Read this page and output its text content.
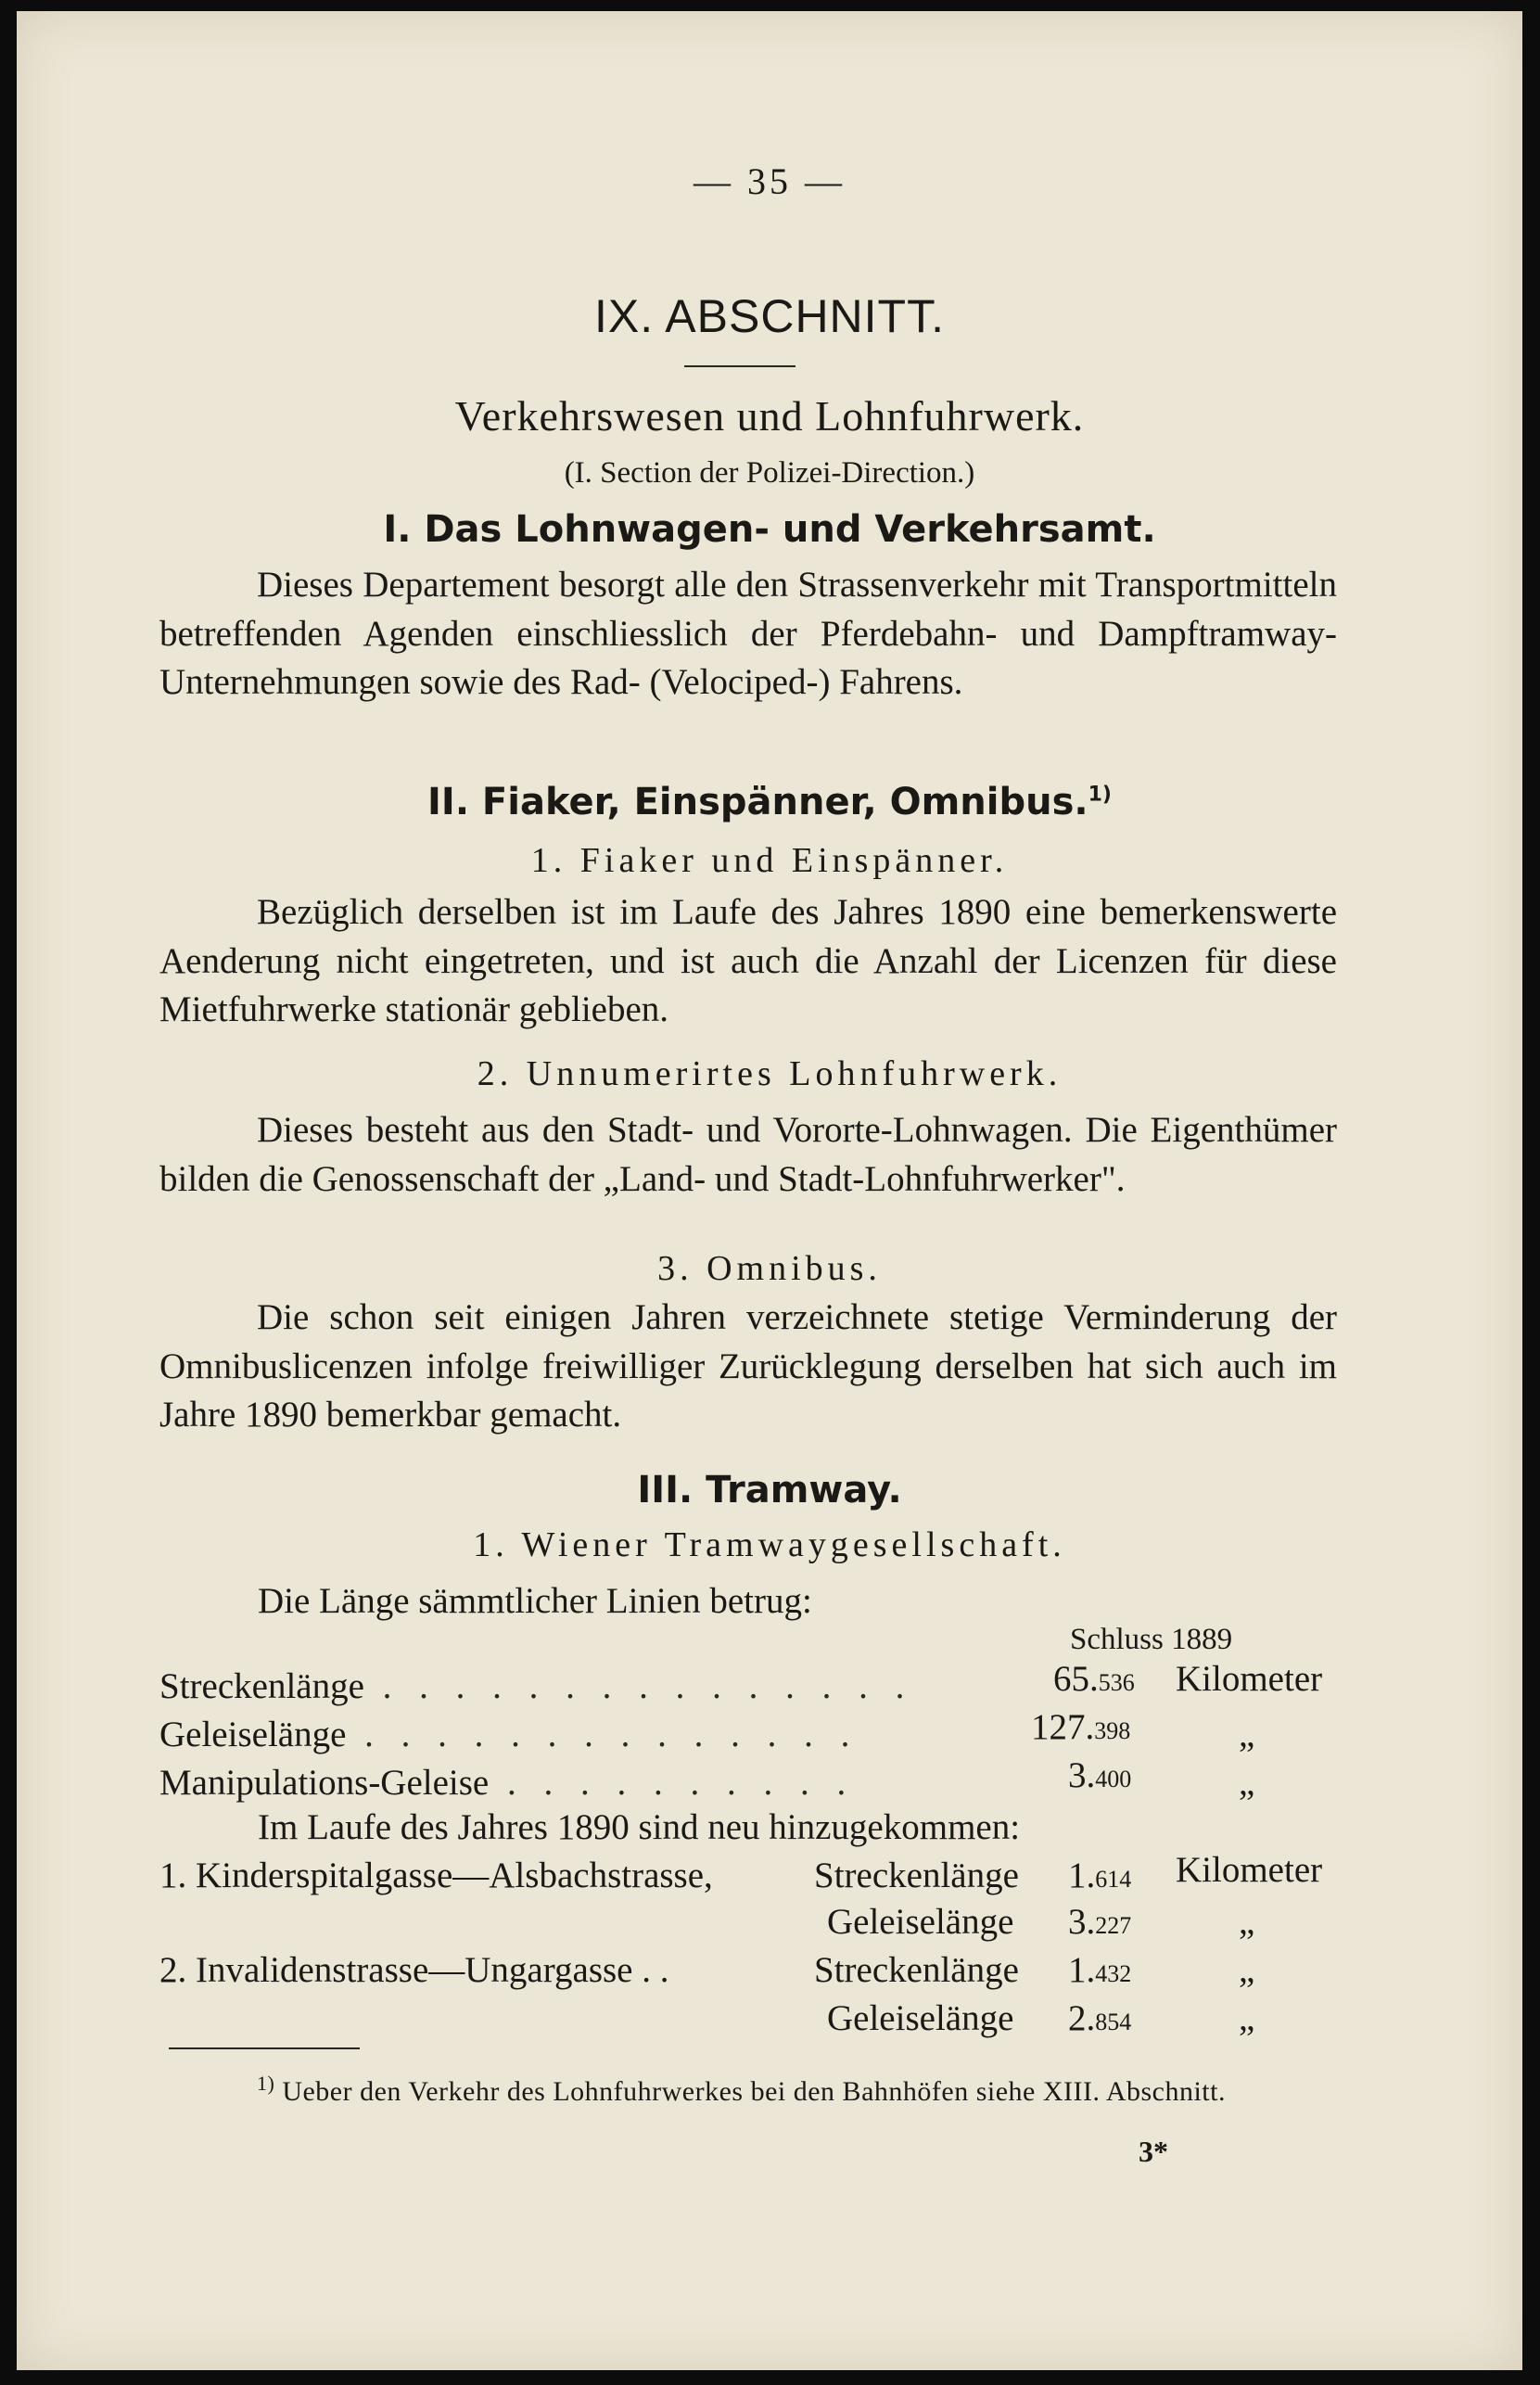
— 35 —
IX. ABSCHNITT.
Verkehrswesen und Lohnfuhrwerk.
(I. Section der Polizei-Direction.)
I. Das Lohnwagen- und Verkehrsamt.
Dieses Departement besorgt alle den Strassenverkehr mit Transportmitteln betreffenden Agenden einschliesslich der Pferdebahn- und Dampftramway-Unternehmungen sowie des Rad- (Velociped-) Fahrens.
II. Fiaker, Einspänner, Omnibus.$^{1)}$
1. Fiaker und Einspänner.
Bezüglich derselben ist im Laufe des Jahres 1890 eine bemerkenswerte Aenderung nicht eingetreten, und ist auch die Anzahl der Licenzen für diese Mietfuhrwerke stationär geblieben.
2. Unnumerirtes Lohnfuhrwerk.
Dieses besteht aus den Stadt- und Vororte-Lohnwagen. Die Eigenthümer bilden die Genossenschaft der „Land- und Stadt-Lohnfuhrwerker".
3. Omnibus.
Die schon seit einigen Jahren verzeichnete stetige Verminderung der Omnibuslicenzen infolge freiwilliger Zurücklegung derselben hat sich auch im Jahre 1890 bemerkbar gemacht.
III. Tramway.
1. Wiener Tramwaygesellschaft.
Die Länge sämmtlicher Linien betrug:
Schluss 1889
Streckenlänge . . . . . . . . . . . . . . .	65.536 Kilometer
Geleiselänge . . . . . . . . . . . . . .	127.398	„
Manipulations-Geleise . . . . . . . . . .	3.400	„
Im Laufe des Jahres 1890 sind neu hinzugekommen:
1. Kinderspitalgasse—Alsbachstrasse,	Streckenlänge 1.614 Kilometer
Geleiselänge 3.227	„
2. Invalidenstrasse—Ungargasse . .	Streckenlänge 1.432	„
Geleiselänge 2.854	„
$^{1)}$ Ueber den Verkehr des Lohnfuhrwerkes bei den Bahnhöfen siehe XIII. Abschnitt.
3*
